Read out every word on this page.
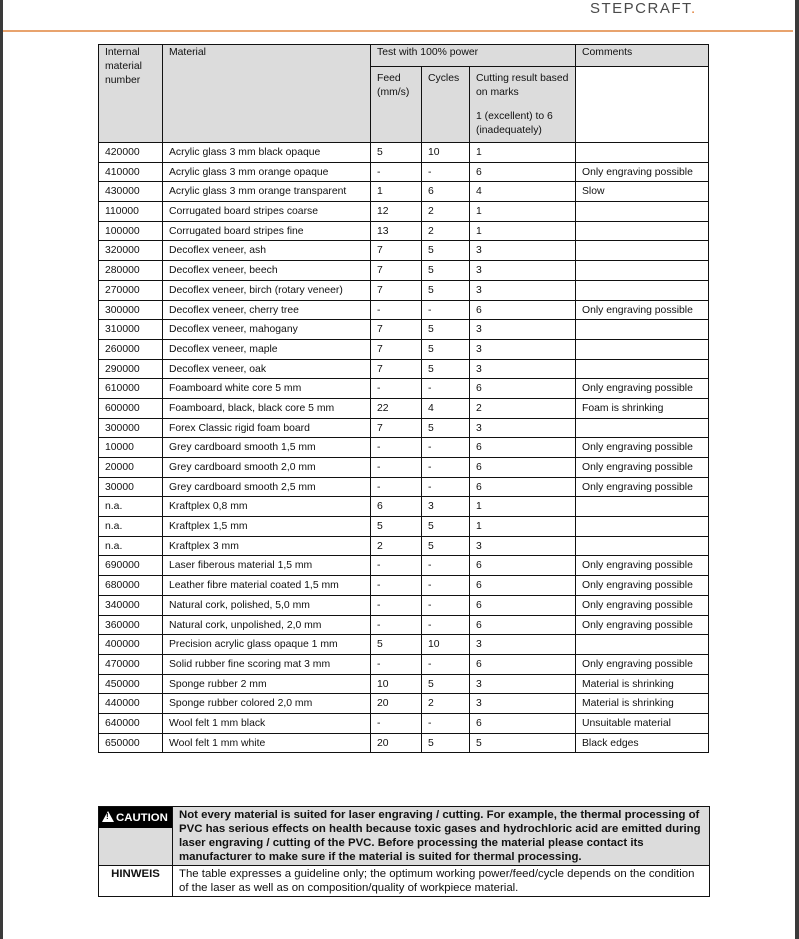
STEPCRAFT.
Internal material number	Material	Test with 100% power			Comments
		Feed (mm/s)	Cycles	Cutting result based on marks
1 (excellent) to 6 (inadequately)	

420000	Acrylic glass 3 mm black opaque	5	10	1	
410000	Acrylic glass 3 mm orange opaque	-	-	6	Only engraving possible
430000	Acrylic glass 3 mm orange transparent	1	6	4	Slow
110000	Corrugated board stripes coarse	12	2	1	
100000	Corrugated board stripes fine	13	2	1	
320000	Decoflex veneer, ash	7	5	3	
280000	Decoflex veneer, beech	7	5	3	
270000	Decoflex veneer, birch (rotary veneer)	7	5	3	
300000	Decoflex veneer, cherry tree	-	-	6	Only engraving possible
310000	Decoflex veneer, mahogany	7	5	3	
260000	Decoflex veneer, maple	7	5	3	
290000	Decoflex veneer, oak	7	5	3	
610000	Foamboard white core 5 mm	-	-	6	Only engraving possible
600000	Foamboard, black, black core 5 mm	22	4	2	Foam is shrinking
300000	Forex Classic rigid foam board	7	5	3	
10000	Grey cardboard smooth 1,5 mm	-	-	6	Only engraving possible
20000	Grey cardboard smooth 2,0 mm	-	-	6	Only engraving possible
30000	Grey cardboard smooth 2,5 mm	-	-	6	Only engraving possible
n.a.	Kraftplex 0,8 mm	6	3	1	
n.a.	Kraftplex 1,5 mm	5	5	1	
n.a.	Kraftplex 3 mm	2	5	3	
690000	Laser fiberous material 1,5 mm	-	-	6	Only engraving possible
680000	Leather fibre material coated 1,5 mm	-	-	6	Only engraving possible
340000	Natural cork, polished, 5,0 mm	-	-	6	Only engraving possible
360000	Natural cork, unpolished, 2,0 mm	-	-	6	Only engraving possible
400000	Precision acrylic glass opaque 1 mm	5	10	3	
470000	Solid rubber fine scoring mat 3 mm	-	-	6	Only engraving possible
450000	Sponge rubber 2 mm	10	5	3	Material is shrinking
440000	Sponge rubber colored 2,0 mm	20	2	3	Material is shrinking
640000	Wool felt 1 mm black	-	-	6	Unsuitable material
650000	Wool felt 1 mm white	20	5	5	Black edges
!CAUTION	Not every material is suited for laser engraving / cutting. For example, the thermal processing of PVC has serious effects on health because toxic gases and hydrochloric acid are emitted during laser engraving / cutting of the PVC. Before processing the material please contact its manufacturer to make sure if the material is suited for thermal processing.
HINWEIS	The table expresses a guideline only; the optimum working power/feed/cycle depends on the condition of the laser as well as on composition/quality of workpiece material.
